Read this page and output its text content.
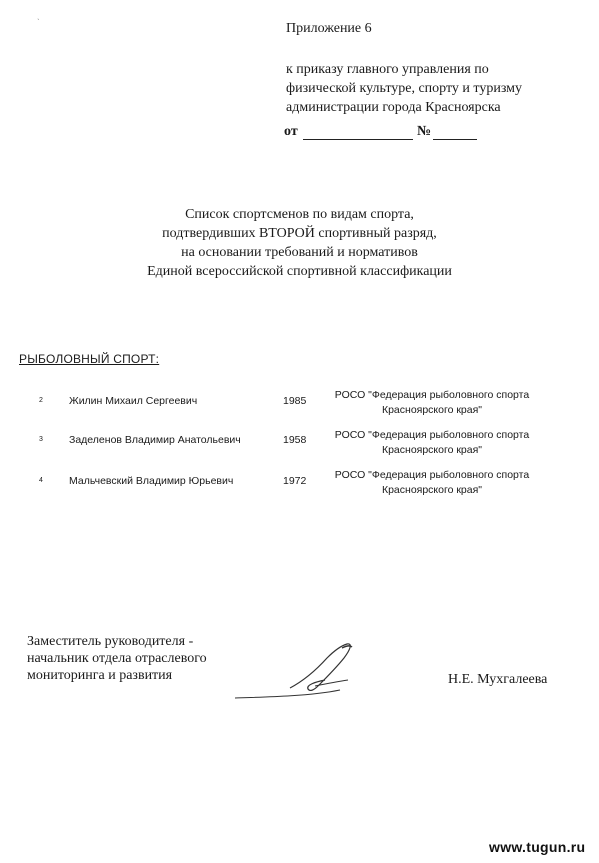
ˏ
Приложение 6
к приказу главного управления по
физической культуре, спорту и туризму
администрации города Красноярска
от	№
Список спортсменов по видам спорта,
подтвердивших ВТОРОЙ спортивный разряд,
на основании требований и нормативов
Единой всероссийской спортивной классификации
РЫБОЛОВНЫЙ СПОРТ:
2 Жилин Михаил Сергеевич	1985	РОСО "Федерация рыболовного спорта
Красноярского края"
3 Заделенов Владимир Анатольевич	1958	РОСО "Федерация рыболовного спорта
Красноярского края"
4 Мальчевский Владимир Юрьевич	1972	РОСО "Федерация рыболовного спорта
Красноярского края"
Заместитель руководителя -
начальник отдела отраслевого
мониторинга и развития	Н.Е. Мухгалеева
www.tugun.ru
